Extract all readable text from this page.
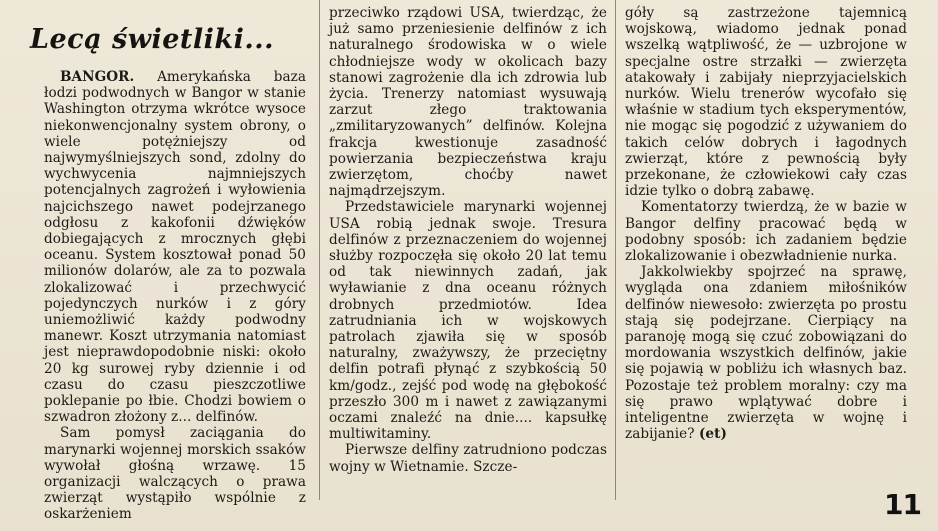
Lecą świetliki...

BANGOR. Amerykańska baza łodzi podwodnych w Bangor w stanie Washington otrzyma wkrótce wysoce niekonwencjonalny system obrony, o wiele potężniejszy od najwymyślniejszych sond, zdolny do wychwycenia najmniejszych potencjalnych zagrożeń i wyłowienia najcichszego nawet podejrzanego odgłosu z kakofonii dźwięków dobiegających z mrocznych głębi oceanu. System kosztował ponad 50 milionów dolarów, ale za to pozwala zlokalizować i przechwycić pojedynczych nurków i z góry uniemożliwić każdy podwodny manewr. Koszt utrzymania natomiast jest nieprawdopodobnie niski: około 20 kg surowej ryby dziennie i od czasu do czasu pieszczotliwe poklepanie po łbie. Chodzi bowiem o szwadron złożony z... delfinów.

Sam pomysł zaciągania do marynarki wojennej morskich ssaków wywołał głośną wrzawę. 15 organizacji walczących o prawa zwierząt wystąpiło wspólnie z oskarżeniem

przeciwko rządowi USA, twierdząc, że już samo przeniesienie delfinów z ich naturalnego środowiska w o wiele chłodniejsze wody w okolicach bazy stanowi zagrożenie dla ich zdrowia lub życia. Trenerzy natomiast wysuwają zarzut złego traktowania „zmilitaryzowanych” delfinów. Kolejna frakcja kwestionuje zasadność powierzania bezpieczeństwa kraju zwierzętom, choćby nawet najmądrzejszym.

Przedstawiciele marynarki wojennej USA robią jednak swoje. Tresura delfinów z przeznaczeniem do wojennej służby rozpoczęła się około 20 lat temu od tak niewinnych zadań, jak wyławianie z dna oceanu różnych drobnych przedmiotów. Idea zatrudniania ich w wojskowych patrolach zjawiła się w sposób naturalny, zważywszy, że przeciętny delfin potrafi płynąć z szybkością 50 km/godz., zejść pod wodę na głębokość przeszło 300 m i nawet z zawiązanymi oczami znaleźć na dnie.... kapsułkę multiwitaminy.

Pierwsze delfiny zatrudniono podczas wojny w Wietnamie. Szcze-

góły są zastrzeżone tajemnicą wojskową, wiadomo jednak ponad wszelką wątpliwość, że — uzbrojone w specjalne ostre strzałki — zwierzęta atakowały i zabijały nieprzyjacielskich nurków. Wielu trenerów wycofało się właśnie w stadium tych eksperymentów, nie mogąc się pogodzić z używaniem do takich celów dobrych i łagodnych zwierząt, które z pewnością były przekonane, że człowiekowi cały czas idzie tylko o dobrą zabawę.

Komentatorzy twierdzą, że w bazie w Bangor delfiny pracować będą w podobny sposób: ich zadaniem będzie zlokalizowanie i obezwładnienie nurka.

Jakkolwiekby spojrzeć na sprawę, wygląda ona zdaniem miłośników delfinów niewesoło: zwierzęta po prostu stają się podejrzane. Cierpiący na paranoję mogą się czuć zobowiązani do mordowania wszystkich delfinów, jakie się pojawią w pobliżu ich własnych baz. Pozostaje też problem moralny: czy ma się prawo wplątywać dobre i inteligentne zwierzęta w wojnę i zabijanie? (et)

11
